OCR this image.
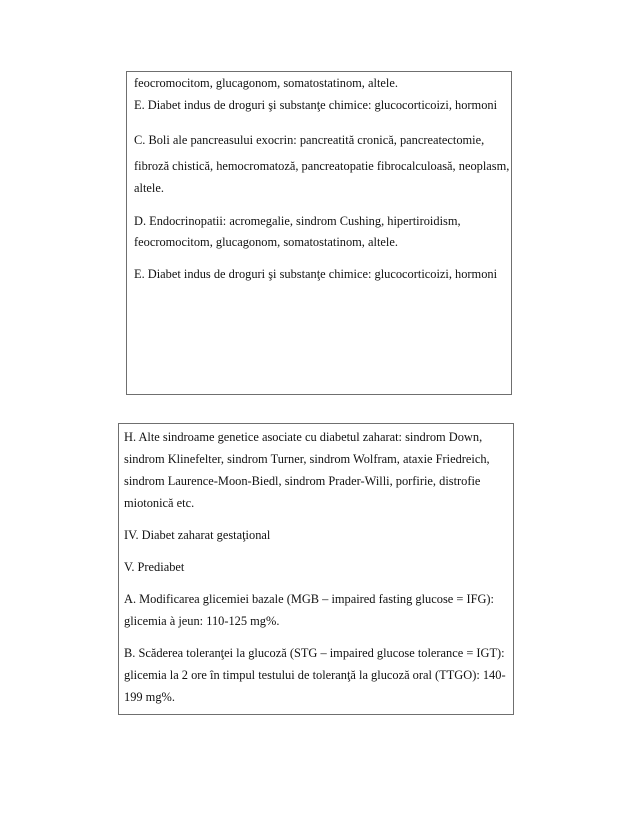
feocromocitom, glucagonom, somatostatinom, altele.
E. Diabet indus de droguri şi substanţe chimice: glucocorticoizi, hormoni
C. Boli ale pancreasului exocrin: pancreatită cronică, pancreatectomie,
fibroză chistică, hemocromatoză, pancreatopatie fibrocalculoasă, neoplasm,
altele.
D. Endocrinopatii: acromegalie, sindrom Cushing, hipertiroidism,
feocromocitom, glucagonom, somatostatinom, altele.
E. Diabet indus de droguri şi substanţe chimice: glucocorticoizi, hormoni
H. Alte sindroame genetice asociate cu diabetul zaharat: sindrom Down,
sindrom Klinefelter, sindrom Turner, sindrom Wolfram, ataxie Friedreich,
sindrom Laurence-Moon-Biedl, sindrom Prader-Willi, porfirie, distrofie
miotonică etc.
IV. Diabet zaharat gestaţional
V. Prediabet
A. Modificarea glicemiei bazale (MGB – impaired fasting glucose = IFG):
glicemia à jeun: 110-125 mg%.
B. Scăderea toleranţei la glucoză (STG – impaired glucose tolerance = IGT):
glicemia la 2 ore în timpul testului de toleranţă la glucoză oral (TTGO): 140-
199 mg%.
